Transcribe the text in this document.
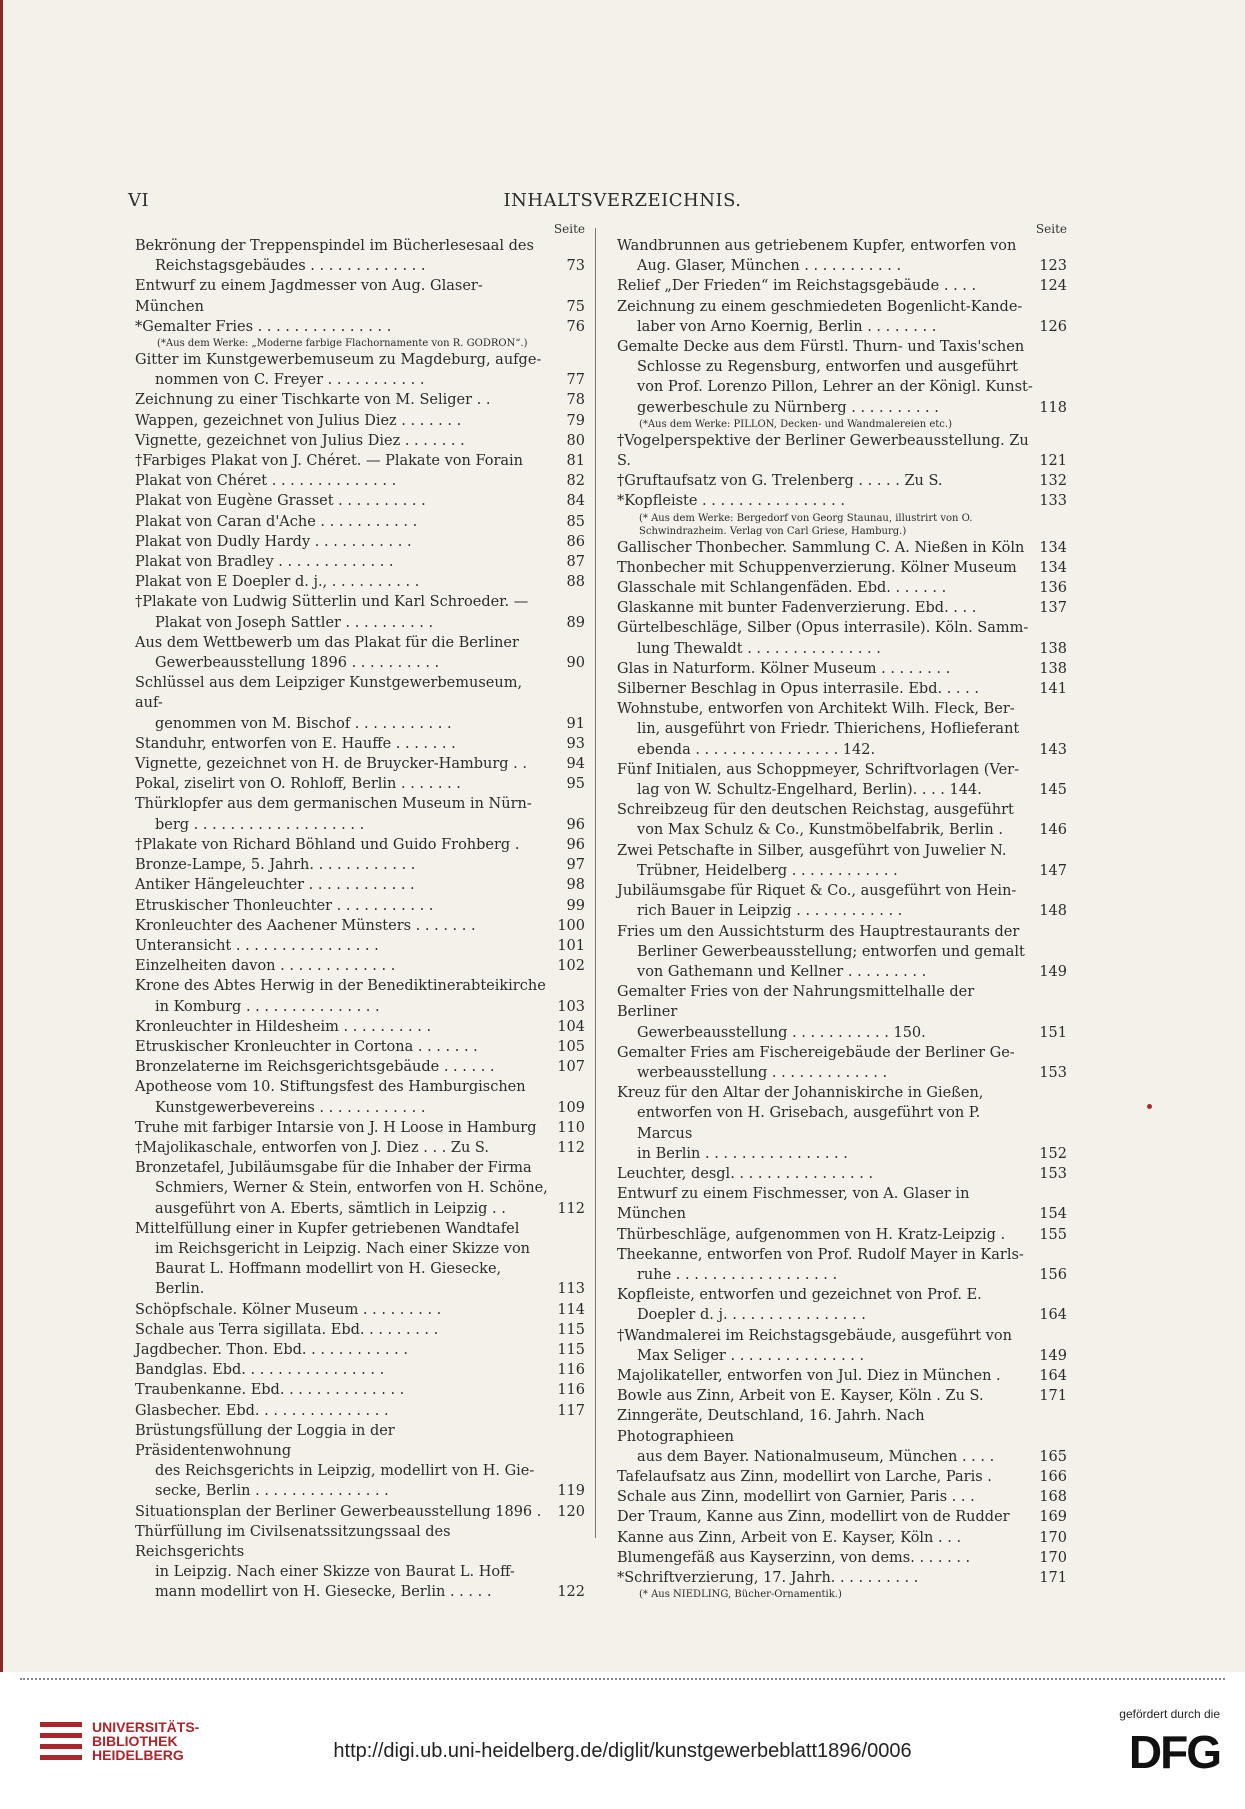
VI	INHALTSVERZEICHNIS.
Seite
Bekrönung der Treppenspindel im Bücherlesesaal des
Reichstagsgebäudes . . . . . . . . . . . . .	73
Entwurf zu einem Jagdmesser von Aug. Glaser-München	75
*Gemalter Fries . . . . . . . . . . . . . . .	76
(*Aus dem Werke: „Moderne farbige Flachornamente von R. GODRON“.)
Gitter im Kunstgewerbemuseum zu Magdeburg, aufge-
nommen von C. Freyer . . . . . . . . . . .	77
Zeichnung zu einer Tischkarte von M. Seliger . .	78
Wappen, gezeichnet von Julius Diez . . . . . . .	79
Vignette, gezeichnet von Julius Diez . . . . . . .	80
†Farbiges Plakat von J. Chéret. — Plakate von Forain	81
Plakat von Chéret . . . . . . . . . . . . . .	82
Plakat von Eugène Grasset . . . . . . . . . .	84
Plakat von Caran d'Ache . . . . . . . . . . .	85
Plakat von Dudly Hardy . . . . . . . . . . .	86
Plakat von Bradley . . . . . . . . . . . . .	87
Plakat von E Doepler d. j., . . . . . . . . . .	88
†Plakate von Ludwig Sütterlin und Karl Schroeder. —
Plakat von Joseph Sattler . . . . . . . . . .	89
Aus dem Wettbewerb um das Plakat für die Berliner
Gewerbeausstellung 1896 . . . . . . . . . .	90
Schlüssel aus dem Leipziger Kunstgewerbemuseum, auf-
genommen von M. Bischof . . . . . . . . . . .	91
Standuhr, entworfen von E. Hauffe . . . . . . .	93
Vignette, gezeichnet von H. de Bruycker-Hamburg . .	94
Pokal, ziselirt von O. Rohloff, Berlin . . . . . . .	95
Thürklopfer aus dem germanischen Museum in Nürn-
berg . . . . . . . . . . . . . . . . . . .	96
†Plakate von Richard Böhland und Guido Frohberg .	96
Bronze-Lampe, 5. Jahrh. . . . . . . . . . . .	97
Antiker Hängeleuchter . . . . . . . . . . . .	98
Etruskischer Thonleuchter . . . . . . . . . . .	99
Kronleuchter des Aachener Münsters . . . . . . .	100
Unteransicht . . . . . . . . . . . . . . . .	101
Einzelheiten davon . . . . . . . . . . . . .	102
Krone des Abtes Herwig in der Benediktinerabteikirche
in Komburg . . . . . . . . . . . . . . .	103
Kronleuchter in Hildesheim . . . . . . . . . .	104
Etruskischer Kronleuchter in Cortona . . . . . . .	105
Bronzelaterne im Reichsgerichtsgebäude . . . . . .	107
Apotheose vom 10. Stiftungsfest des Hamburgischen
Kunstgewerbevereins . . . . . . . . . . . .	109
Truhe mit farbiger Intarsie von J. H Loose in Hamburg	110
†Majolikaschale, entworfen von J. Diez . . . Zu S.	112
Bronzetafel, Jubiläumsgabe für die Inhaber der Firma
Schmiers, Werner & Stein, entworfen von H. Schöne,
ausgeführt von A. Eberts, sämtlich in Leipzig . .	112
Mittelfüllung einer in Kupfer getriebenen Wandtafel
im Reichsgericht in Leipzig. Nach einer Skizze von
Baurat L. Hoffmann modellirt von H. Giesecke, Berlin.	113
Schöpfschale. Kölner Museum . . . . . . . . .	114
Schale aus Terra sigillata. Ebd. . . . . . . . .	115
Jagdbecher. Thon. Ebd. . . . . . . . . . . .	115
Bandglas. Ebd. . . . . . . . . . . . . . . .	116
Traubenkanne. Ebd. . . . . . . . . . . . . .	116
Glasbecher. Ebd. . . . . . . . . . . . . . .	117
Brüstungsfüllung der Loggia in der Präsidentenwohnung
des Reichsgerichts in Leipzig, modellirt von H. Gie-
secke, Berlin . . . . . . . . . . . . . . .	119
Situationsplan der Berliner Gewerbeausstellung 1896 .	120
Thürfüllung im Civilsenatssitzungssaal des Reichsgerichts
in Leipzig. Nach einer Skizze von Baurat L. Hoff-
mann modellirt von H. Giesecke, Berlin . . . . .	122
Seite
Wandbrunnen aus getriebenem Kupfer, entworfen von
Aug. Glaser, München . . . . . . . . . . .	123
Relief „Der Frieden“ im Reichstagsgebäude . . . .	124
Zeichnung zu einem geschmiedeten Bogenlicht-Kande-
laber von Arno Koernig, Berlin . . . . . . . .	126
Gemalte Decke aus dem Fürstl. Thurn- und Taxis'schen
Schlosse zu Regensburg, entworfen und ausgeführt
von Prof. Lorenzo Pillon, Lehrer an der Königl. Kunst-
gewerbeschule zu Nürnberg . . . . . . . . . .	118
(*Aus dem Werke: PILLON, Decken- und Wandmalereien etc.)
†Vogelperspektive der Berliner Gewerbeausstellung. Zu S.	121
†Gruftaufsatz von G. Trelenberg . . . . . Zu S.	132
*Kopfleiste . . . . . . . . . . . . . . . .	133
(* Aus dem Werke: Bergedorf von Georg Staunau, illustrirt von O. Schwindrazheim. Verlag von Carl Griese, Hamburg.)
Gallischer Thonbecher. Sammlung C. A. Nießen in Köln	134
Thonbecher mit Schuppenverzierung. Kölner Museum	134
Glasschale mit Schlangenfäden. Ebd. . . . . . .	136
Glaskanne mit bunter Fadenverzierung. Ebd. . . .	137
Gürtelbeschläge, Silber (Opus interrasile). Köln. Samm-
lung Thewaldt . . . . . . . . . . . . . . .	138
Glas in Naturform. Kölner Museum . . . . . . . .	138
Silberner Beschlag in Opus interrasile. Ebd. . . . .	141
Wohnstube, entworfen von Architekt Wilh. Fleck, Ber-
lin, ausgeführt von Friedr. Thierichens, Hoflieferant
ebenda . . . . . . . . . . . . . . . . 142.	143
Fünf Initialen, aus Schoppmeyer, Schriftvorlagen (Ver-
lag von W. Schultz-Engelhard, Berlin). . . . 144.	145
Schreibzeug für den deutschen Reichstag, ausgeführt
von Max Schulz & Co., Kunstmöbelfabrik, Berlin .	146
Zwei Petschafte in Silber, ausgeführt von Juwelier N.
Trübner, Heidelberg . . . . . . . . . . . .	147
Jubiläumsgabe für Riquet & Co., ausgeführt von Hein-
rich Bauer in Leipzig . . . . . . . . . . . .	148
Fries um den Aussichtsturm des Hauptrestaurants der
Berliner Gewerbeausstellung; entworfen und gemalt
von Gathemann und Kellner . . . . . . . . .	149
Gemalter Fries von der Nahrungsmittelhalle der Berliner
Gewerbeausstellung . . . . . . . . . . . 150.	151
Gemalter Fries am Fischereigebäude der Berliner Ge-
werbeausstellung . . . . . . . . . . . . .	153
Kreuz für den Altar der Johanniskirche in Gießen,
entworfen von H. Grisebach, ausgeführt von P. Marcus
in Berlin . . . . . . . . . . . . . . . .	152
Leuchter, desgl. . . . . . . . . . . . . . . .	153
Entwurf zu einem Fischmesser, von A. Glaser in München	154
Thürbeschläge, aufgenommen von H. Kratz-Leipzig .	155
Theekanne, entworfen von Prof. Rudolf Mayer in Karls-
ruhe . . . . . . . . . . . . . . . . . .	156
Kopfleiste, entworfen und gezeichnet von Prof. E.
Doepler d. j. . . . . . . . . . . . . . . .	164
†Wandmalerei im Reichstagsgebäude, ausgeführt von
Max Seliger . . . . . . . . . . . . . . .	149
Majolikateller, entworfen von Jul. Diez in München .	164
Bowle aus Zinn, Arbeit von E. Kayser, Köln . Zu S.	171
Zinngeräte, Deutschland, 16. Jahrh. Nach Photographieen
aus dem Bayer. Nationalmuseum, München . . . .	165
Tafelaufsatz aus Zinn, modellirt von Larche, Paris .	166
Schale aus Zinn, modellirt von Garnier, Paris . . .	168
Der Traum, Kanne aus Zinn, modellirt von de Rudder	169
Kanne aus Zinn, Arbeit von E. Kayser, Köln . . .	170
Blumengefäß aus Kayserzinn, von dems. . . . . . .	170
*Schriftverzierung, 17. Jahrh. . . . . . . . . .	171
(* Aus NIEDLING, Bücher-Ornamentik.)
UNIVERSITÄTS-
BIBLIOTHEK
HEIDELBERG	http://digi.ub.uni-heidelberg.de/diglit/kunstgewerbeblatt1896/0006
gefördert durch die
DFG
